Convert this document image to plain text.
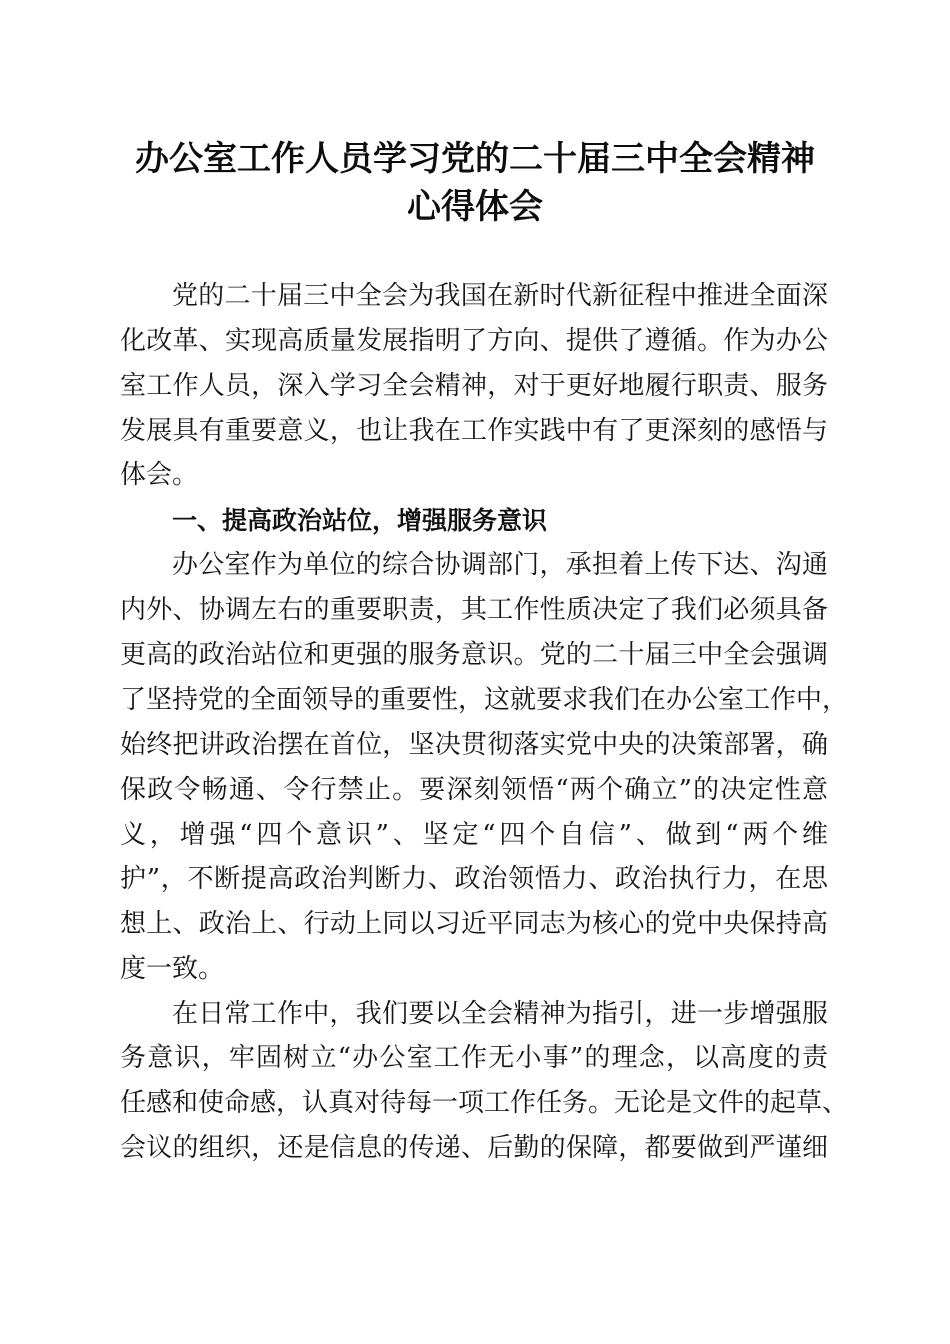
办公室工作人员学习党的二十届三中全会精神
心得体会
党的二十届三中全会为我国在新时代新征程中推进全面深
化改革、实现高质量发展指明了方向、提供了遵循。作为办公
室工作人员，深入学习全会精神，对于更好地履行职责、服务
发展具有重要意义，也让我在工作实践中有了更深刻的感悟与
体会。
一、提高政治站位，增强服务意识
办公室作为单位的综合协调部门，承担着上传下达、沟通
内外、协调左右的重要职责，其工作性质决定了我们必须具备
更高的政治站位和更强的服务意识。党的二十届三中全会强调
了坚持党的全面领导的重要性，这就要求我们在办公室工作中，
始终把讲政治摆在首位，坚决贯彻落实党中央的决策部署，确
保政令畅通、令行禁止。要深刻领悟“两个确立”的决定性意
义，增强“四个意识”、坚定“四个自信”、做到“两个维
护”，不断提高政治判断力、政治领悟力、政治执行力，在思
想上、政治上、行动上同以习近平同志为核心的党中央保持高
度一致。
在日常工作中，我们要以全会精神为指引，进一步增强服
务意识，牢固树立“办公室工作无小事”的理念，以高度的责
任感和使命感，认真对待每一项工作任务。无论是文件的起草、
会议的组织，还是信息的传递、后勤的保障，都要做到严谨细
